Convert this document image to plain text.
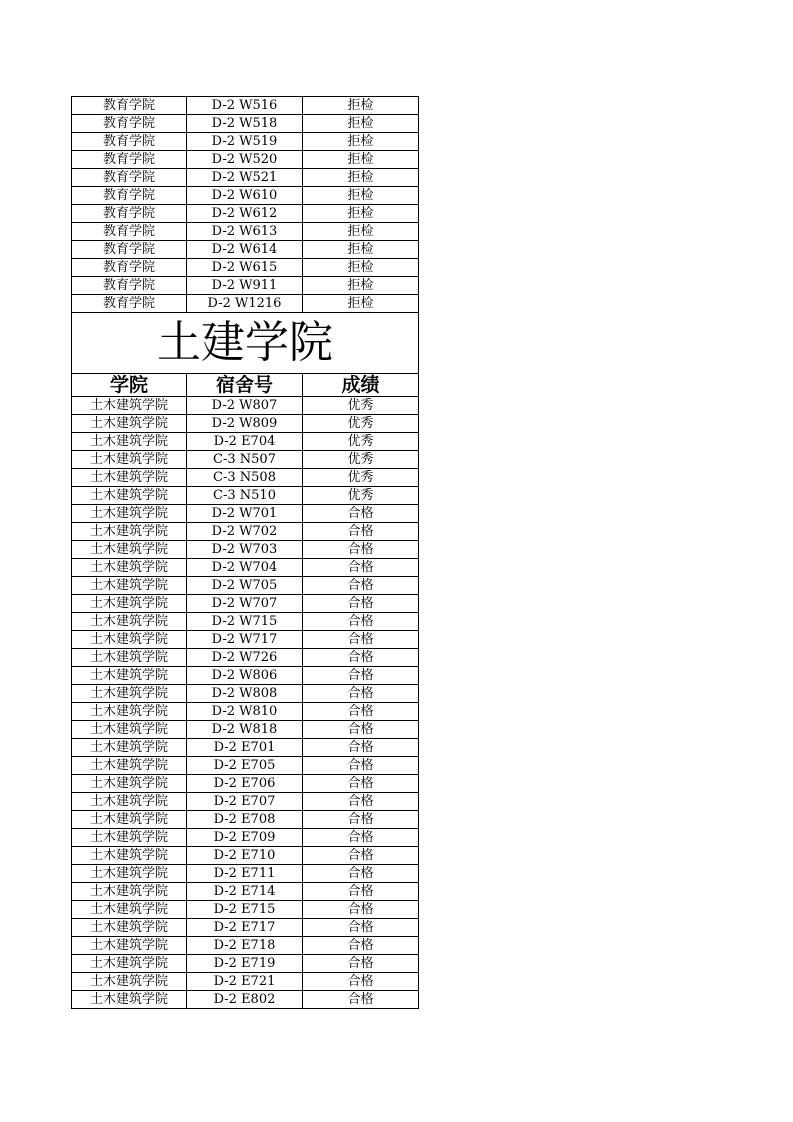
教育学院	D-2 W516	拒检
教育学院	D-2 W518	拒检
教育学院	D-2 W519	拒检
教育学院	D-2 W520	拒检
教育学院	D-2 W521	拒检
教育学院	D-2 W610	拒检
教育学院	D-2 W612	拒检
教育学院	D-2 W613	拒检
教育学院	D-2 W614	拒检
教育学院	D-2 W615	拒检
教育学院	D-2 W911	拒检
教育学院	D-2 W1216	拒检
土建学院		
学院	宿舍号	成绩
土木建筑学院	D-2 W807	优秀
土木建筑学院	D-2 W809	优秀
土木建筑学院	D-2 E704	优秀
土木建筑学院	C-3 N507	优秀
土木建筑学院	C-3 N508	优秀
土木建筑学院	C-3 N510	优秀
土木建筑学院	D-2 W701	合格
土木建筑学院	D-2 W702	合格
土木建筑学院	D-2 W703	合格
土木建筑学院	D-2 W704	合格
土木建筑学院	D-2 W705	合格
土木建筑学院	D-2 W707	合格
土木建筑学院	D-2 W715	合格
土木建筑学院	D-2 W717	合格
土木建筑学院	D-2 W726	合格
土木建筑学院	D-2 W806	合格
土木建筑学院	D-2 W808	合格
土木建筑学院	D-2 W810	合格
土木建筑学院	D-2 W818	合格
土木建筑学院	D-2 E701	合格
土木建筑学院	D-2 E705	合格
土木建筑学院	D-2 E706	合格
土木建筑学院	D-2 E707	合格
土木建筑学院	D-2 E708	合格
土木建筑学院	D-2 E709	合格
土木建筑学院	D-2 E710	合格
土木建筑学院	D-2 E711	合格
土木建筑学院	D-2 E714	合格
土木建筑学院	D-2 E715	合格
土木建筑学院	D-2 E717	合格
土木建筑学院	D-2 E718	合格
土木建筑学院	D-2 E719	合格
土木建筑学院	D-2 E721	合格
土木建筑学院	D-2 E802	合格
